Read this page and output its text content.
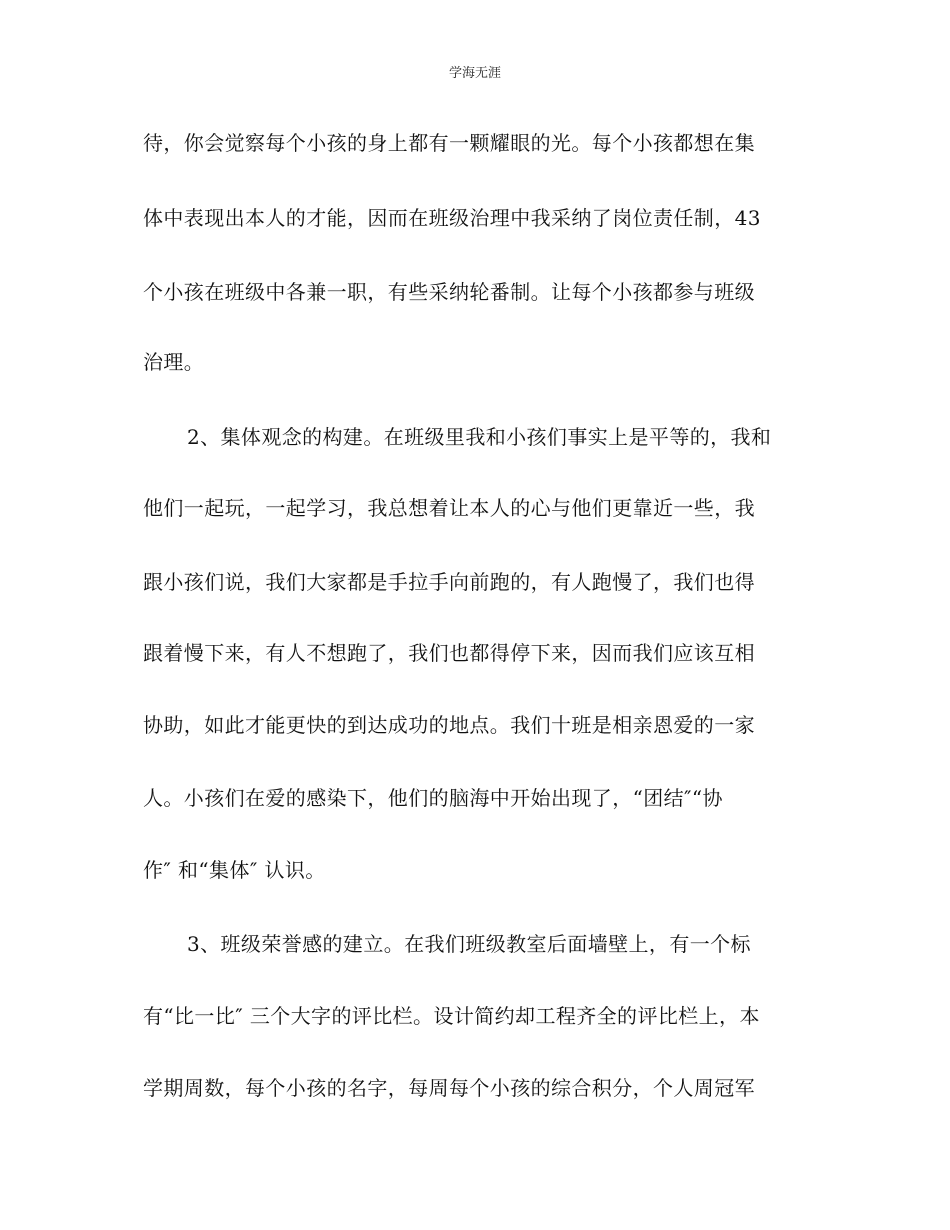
学海无涯
待，你会觉察每个小孩的身上都有一颗耀眼的光。每个小孩都想在集
体中表现出本人的才能，因而在班级治理中我采纳了岗位责任制，43
个小孩在班级中各兼一职，有些采纳轮番制。让每个小孩都参与班级
治理。
2、集体观念的构建。在班级里我和小孩们事实上是平等的，我和
他们一起玩，一起学习，我总想着让本人的心与他们更靠近一些，我
跟小孩们说，我们大家都是手拉手向前跑的，有人跑慢了，我们也得
跟着慢下来，有人不想跑了，我们也都得停下来，因而我们应该互相
协助，如此才能更快的到达成功的地点。我们十班是相亲恩爱的一家
人。小孩们在爱的感染下，他们的脑海中开始出现了，“团结″“协
作″ 和“集体″ 认识。
3、班级荣誉感的建立。在我们班级教室后面墙壁上，有一个标
有“比一比″ 三个大字的评比栏。设计简约却工程齐全的评比栏上，本
学期周数，每个小孩的名字，每周每个小孩的综合积分，个人周冠军
